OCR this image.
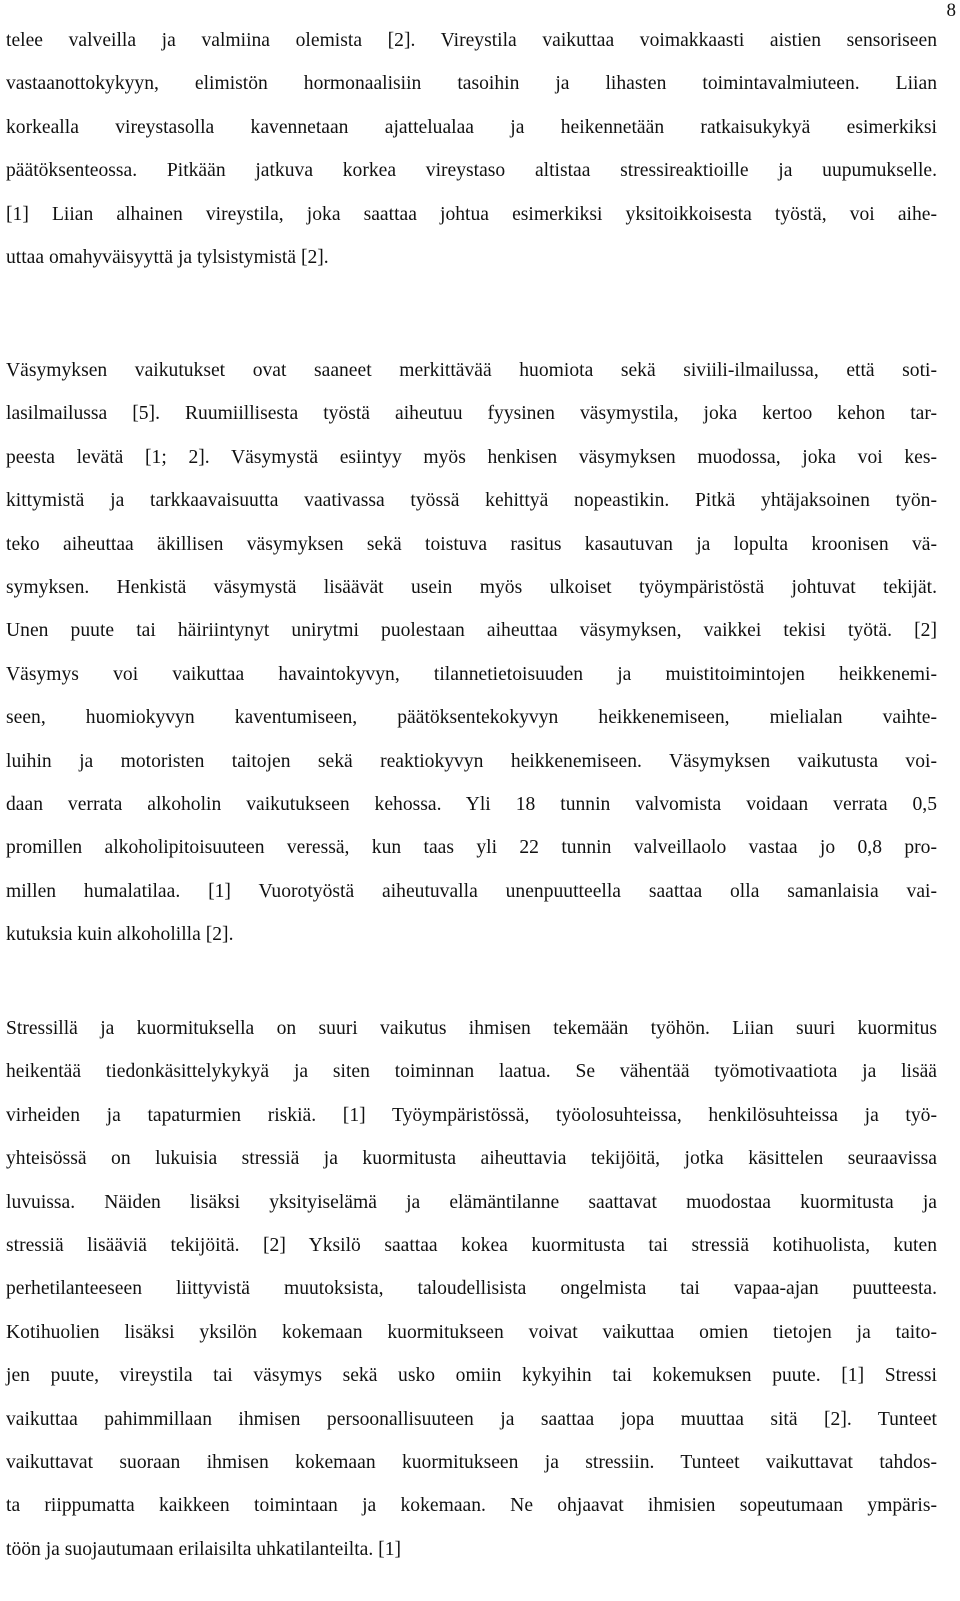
8
telee valveilla ja valmiina olemista [2]. Vireystila vaikuttaa voimakkaasti aistien sensoriseen
vastaanottokykyyn, elimistön hormonaalisiin tasoihin ja lihasten toimintavalmiuteen. Liian
korkealla vireystasolla kavennetaan ajattelualaa ja heikennetään ratkaisukykyä esimerkiksi
päätöksenteossa. Pitkään jatkuva korkea vireystaso altistaa stressireaktioille ja uupumukselle.
[1] Liian alhainen vireystila, joka saattaa johtua esimerkiksi yksitoikkoisesta työstä, voi aihe-
uttaa omahyväisyyttä ja tylsistymistä [2].
Väsymyksen vaikutukset ovat saaneet merkittävää huomiota sekä siviili-ilmailussa, että soti-
lasilmailussa [5]. Ruumiillisesta työstä aiheutuu fyysinen väsymystila, joka kertoo kehon tar-
peesta levätä [1; 2]. Väsymystä esiintyy myös henkisen väsymyksen muodossa, joka voi kes-
kittymistä ja tarkkaavaisuutta vaativassa työssä kehittyä nopeastikin. Pitkä yhtäjaksoinen työn-
teko aiheuttaa äkillisen väsymyksen sekä toistuva rasitus kasautuvan ja lopulta kroonisen vä-
symyksen. Henkistä väsymystä lisäävät usein myös ulkoiset työympäristöstä johtuvat tekijät.
Unen puute tai häiriintynyt unirytmi puolestaan aiheuttaa väsymyksen, vaikkei tekisi työtä. [2]
Väsymys voi vaikuttaa havaintokyvyn, tilannetietoisuuden ja muistitoimintojen heikkenemi-
seen, huomiokyvyn kaventumiseen, päätöksentekokyvyn heikkenemiseen, mielialan vaihte-
luihin ja motoristen taitojen sekä reaktiokyvyn heikkenemiseen. Väsymyksen vaikutusta voi-
daan verrata alkoholin vaikutukseen kehossa. Yli 18 tunnin valvomista voidaan verrata 0,5
promillen alkoholipitoisuuteen veressä, kun taas yli 22 tunnin valveillaolo vastaa jo 0,8 pro-
millen humalatilaa. [1] Vuorotyöstä aiheutuvalla unenpuutteella saattaa olla samanlaisia vai-
kutuksia kuin alkoholilla [2].
Stressillä ja kuormituksella on suuri vaikutus ihmisen tekemään työhön. Liian suuri kuormitus
heikentää tiedonkäsittelykykyä ja siten toiminnan laatua. Se vähentää työmotivaatiota ja lisää
virheiden ja tapaturmien riskiä. [1] Työympäristössä, työolosuhteissa, henkilösuhteissa ja työ-
yhteisössä on lukuisia stressiä ja kuormitusta aiheuttavia tekijöitä, jotka käsittelen seuraavissa
luvuissa. Näiden lisäksi yksityiselämä ja elämäntilanne saattavat muodostaa kuormitusta ja
stressiä lisääviä tekijöitä. [2] Yksilö saattaa kokea kuormitusta tai stressiä kotihuolista, kuten
perhetilanteeseen liittyvistä muutoksista, taloudellisista ongelmista tai vapaa-ajan puutteesta.
Kotihuolien lisäksi yksilön kokemaan kuormitukseen voivat vaikuttaa omien tietojen ja taito-
jen puute, vireystila tai väsymys sekä usko omiin kykyihin tai kokemuksen puute. [1] Stressi
vaikuttaa pahimmillaan ihmisen persoonallisuuteen ja saattaa jopa muuttaa sitä [2]. Tunteet
vaikuttavat suoraan ihmisen kokemaan kuormitukseen ja stressiin. Tunteet vaikuttavat tahdos-
ta riippumatta kaikkeen toimintaan ja kokemaan. Ne ohjaavat ihmisien sopeutumaan ympäris-
töön ja suojautumaan erilaisilta uhkatilanteilta. [1]
